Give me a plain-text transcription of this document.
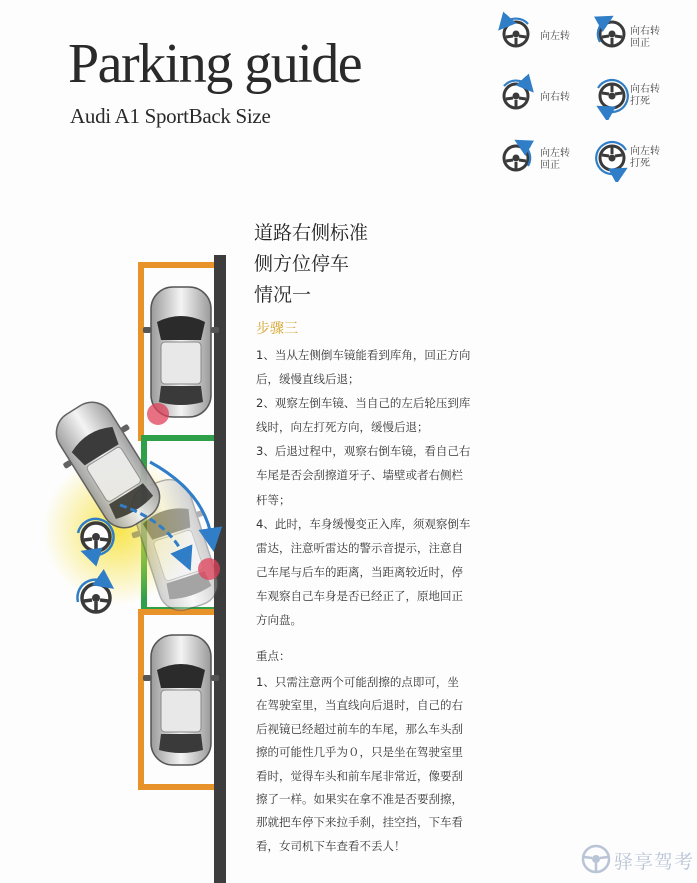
Parking guide
Audi A1 SportBack Size
向左转	向右转
回正
向右转
向右转
打死
向左转
回正
向左转
打死
道路右侧标准
侧方位停车
情况一
步骤三

1、当从左侧倒车镜能看到库角，回正方向后，缓慢直线后退；

2、观察左倒车镜、当自己的左后轮压到库线时，向左打死方向，缓慢后退；

3、后退过程中，观察右倒车镜，看自己右车尾是否会刮擦道牙子、墙壁或者右侧栏杆等；

4、此时，车身缓慢变正入库，须观察倒车雷达，注意听雷达的警示音提示，注意自己车尾与后车的距离，当距离较近时，停车观察自己车身是否已经正了，原地回正方向盘。

重点：

1、只需注意两个可能刮擦的点即可，坐在驾驶室里，当直线向后退时，自己的右后视镜已经超过前车的车尾，那么车头刮擦的可能性几乎为０，只是坐在驾驶室里看时，觉得车头和前车尾非常近，像要刮擦了一样。如果实在拿不准是否要刮擦，那就把车停下来拉手刹，挂空挡，下车看看，女司机下车查看不丢人！

驿享驾考
